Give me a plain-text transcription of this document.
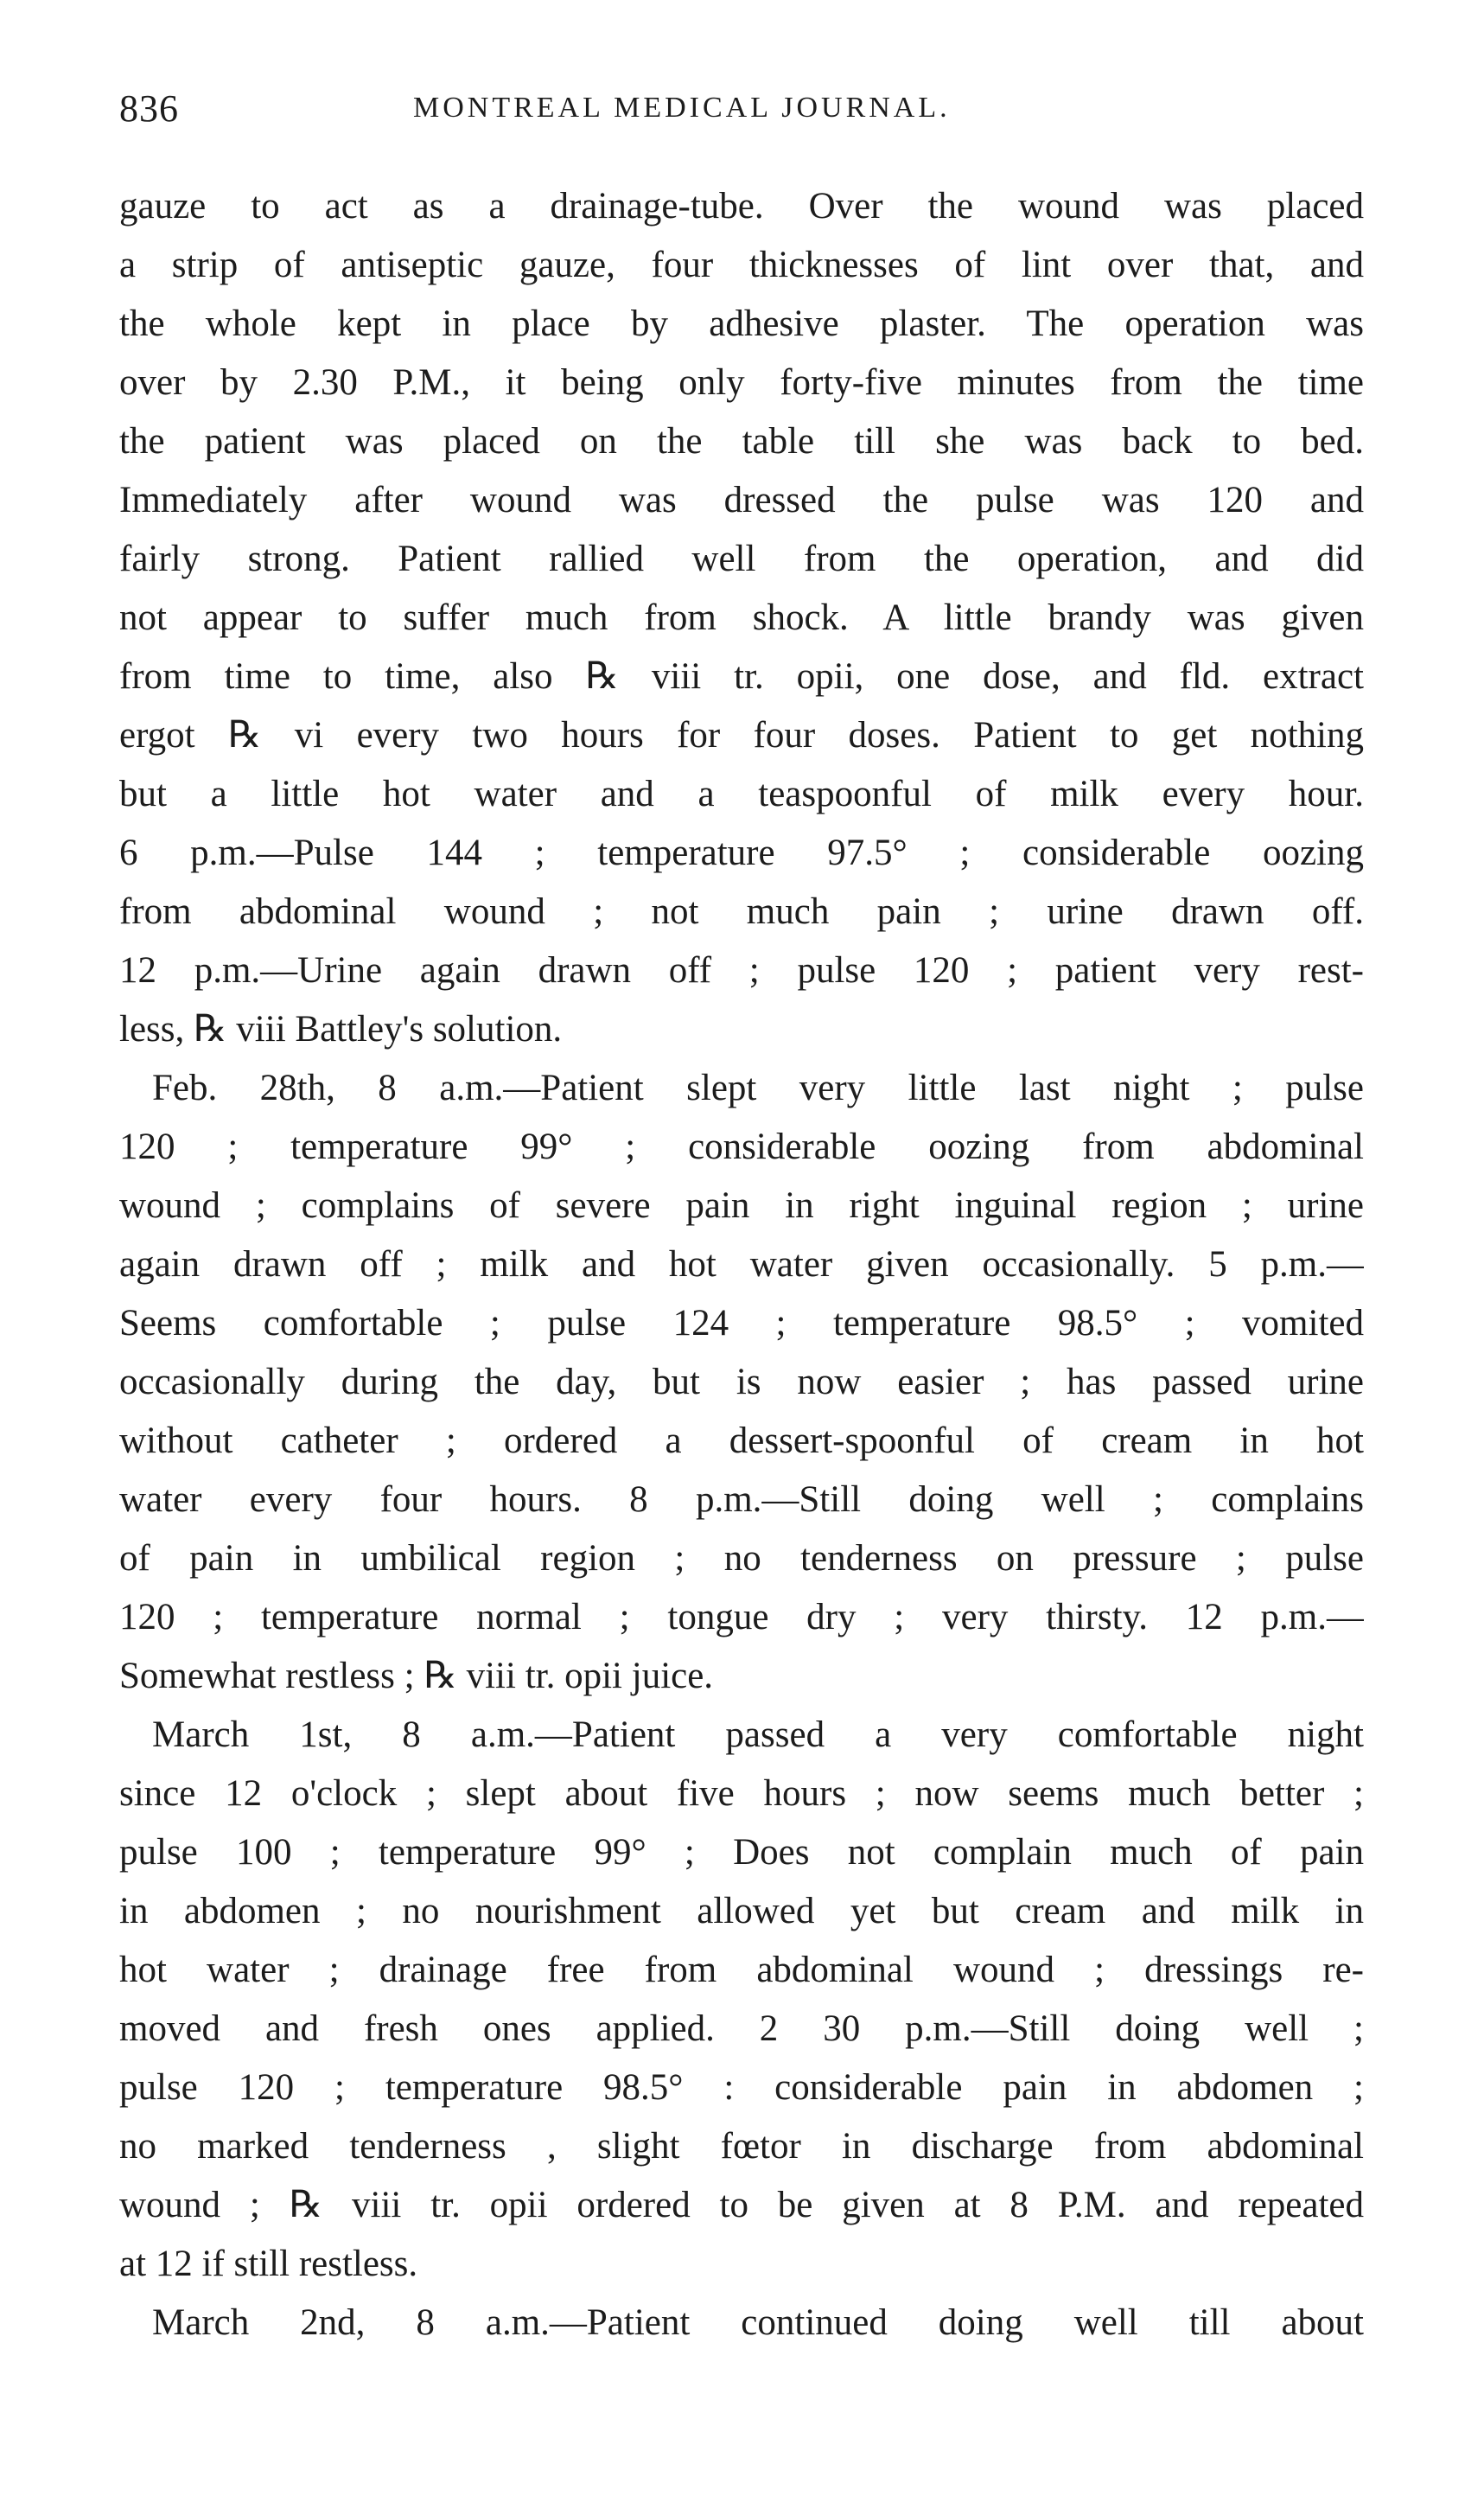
836	MONTREAL MEDICAL JOURNAL.
gauze to act as a drainage-tube. Over the wound was placed
a strip of antiseptic gauze, four thicknesses of lint over that, and
the whole kept in place by adhesive plaster. The operation was
over by 2.30 P.M., it being only forty-five minutes from the time
the patient was placed on the table till she was back to bed.
Immediately after wound was dressed the pulse was 120 and
fairly strong. Patient rallied well from the operation, and did
not appear to suffer much from shock. A little brandy was given
from time to time, also ℞ viii tr. opii, one dose, and fld. extract
ergot ℞ vi every two hours for four doses. Patient to get nothing
but a little hot water and a teaspoonful of milk every hour.
6 p.m.—Pulse 144 ; temperature 97.5° ; considerable oozing
from abdominal wound ; not much pain ; urine drawn off.
12 p.m.—Urine again drawn off ; pulse 120 ; patient very rest-
less, ℞ viii Battley's solution.
Feb. 28th, 8 a.m.—Patient slept very little last night ; pulse
120 ; temperature 99° ; considerable oozing from abdominal
wound ; complains of severe pain in right inguinal region ; urine
again drawn off ; milk and hot water given occasionally. 5 p.m.—
Seems comfortable ; pulse 124 ; temperature 98.5° ; vomited
occasionally during the day, but is now easier ; has passed urine
without catheter ; ordered a dessert-spoonful of cream in hot
water every four hours. 8 p.m.—Still doing well ; complains
of pain in umbilical region ; no tenderness on pressure ; pulse
120 ; temperature normal ; tongue dry ; very thirsty. 12 p.m.—
Somewhat restless ; ℞ viii tr. opii juice.
March 1st, 8 a.m.—Patient passed a very comfortable night
since 12 o'clock ; slept about five hours ; now seems much better ;
pulse 100 ; temperature 99° ; Does not complain much of pain
in abdomen ; no nourishment allowed yet but cream and milk in
hot water ; drainage free from abdominal wound ; dressings re-
moved and fresh ones applied. 2 30 p.m.—Still doing well ;
pulse 120 ; temperature 98.5° : considerable pain in abdomen ;
no marked tenderness , slight fœtor in discharge from abdominal
wound ; ℞ viii tr. opii ordered to be given at 8 P.M. and repeated
at 12 if still restless.
March 2nd, 8 a.m.—Patient continued doing well till about
